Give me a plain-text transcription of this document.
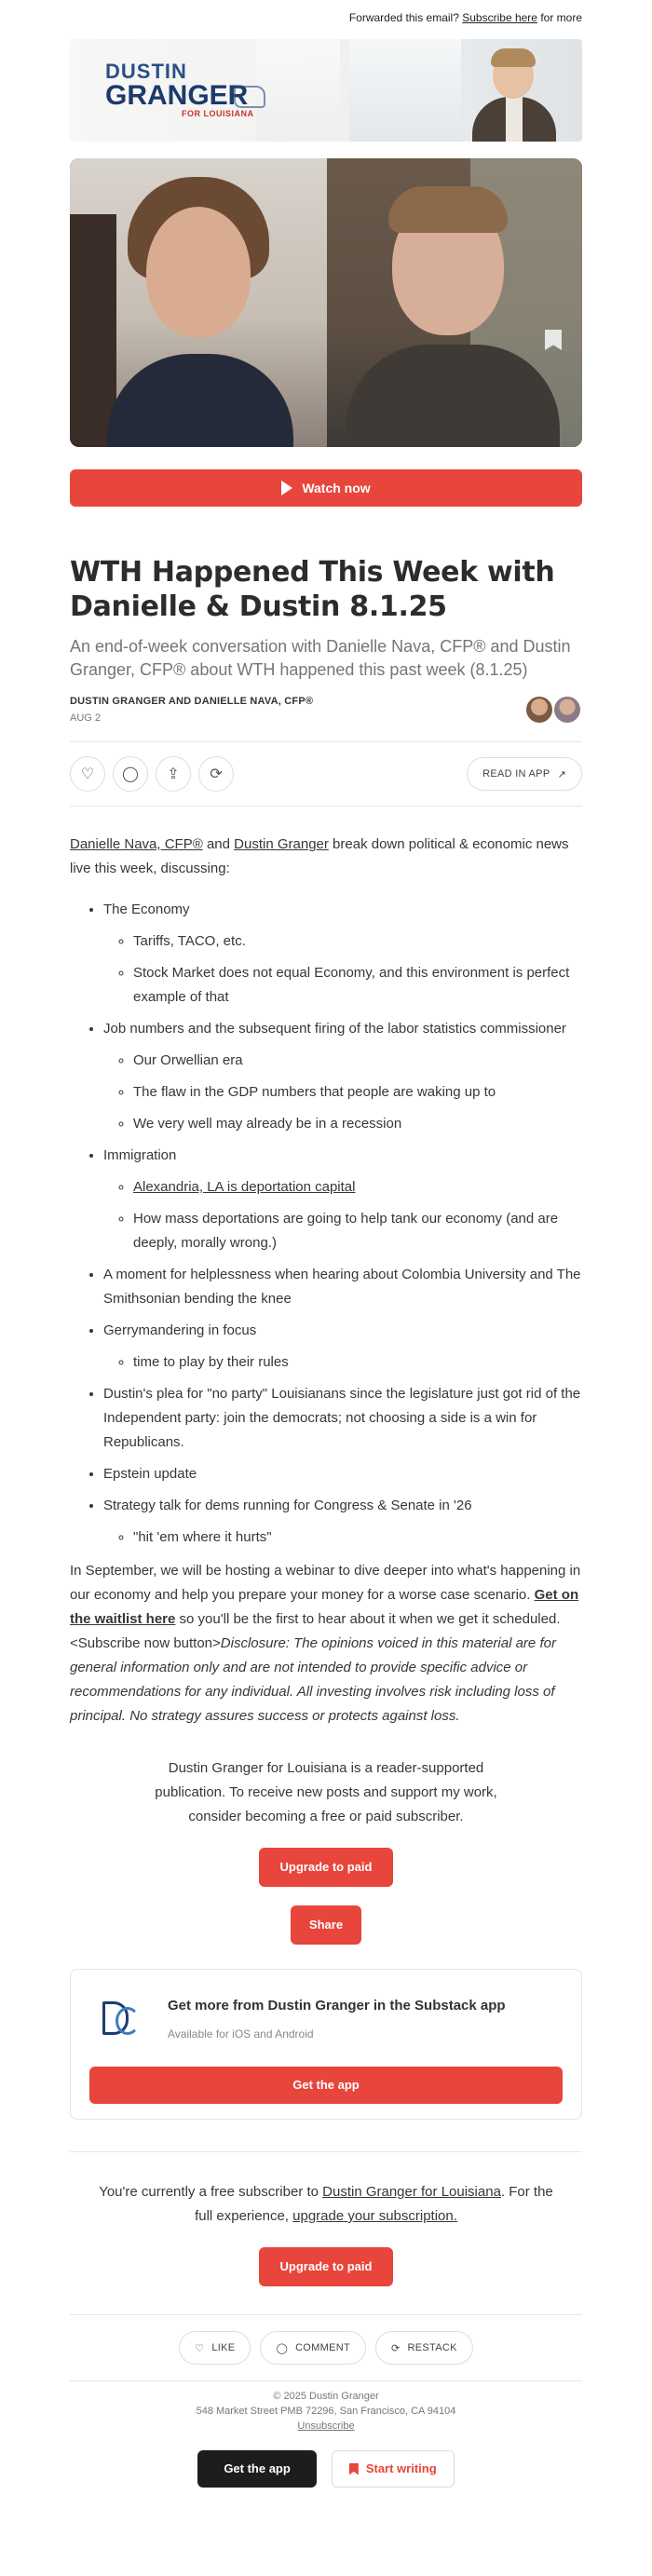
Forwarded this email? Subscribe here for more
DUSTIN
GRANGER
FOR LOUISIANA
Watch now
WTH Happened This Week with Danielle & Dustin 8.1.25
An end-of-week conversation with Danielle Nava, CFP® and Dustin Granger, CFP® about WTH happened this past week (8.1.25)
DUSTIN GRANGER AND DANIELLE NAVA, CFP®
AUG 2
♡ ◯ ⇪ ⟳	READ IN APP ↗

Danielle Nava, CFP® and Dustin Granger break down political & economic news live this week, discussing:

• The Economy
◦ Tariffs, TACO, etc.
◦ Stock Market does not equal Economy, and this environment is perfect example of that
• Job numbers and the subsequent firing of the labor statistics commissioner
◦ Our Orwellian era
◦ The flaw in the GDP numbers that people are waking up to
◦ We very well may already be in a recession
• Immigration
◦ Alexandria, LA is deportation capital
◦ How mass deportations are going to help tank our economy (and are deeply, morally wrong.)
• A moment for helplessness when hearing about Colombia University and The Smithsonian bending the knee
• Gerrymandering in focus
◦ time to play by their rules
• Dustin's plea for "no party" Louisianans since the legislature just got rid of the Independent party: join the democrats; not choosing a side is a win for Republicans.
• Epstein update
• Strategy talk for dems running for Congress & Senate in '26
◦ "hit 'em where it hurts"

In September, we will be hosting a webinar to dive deeper into what's happening in our economy and help you prepare your money for a worse case scenario. Get on the waitlist here so you'll be the first to hear about it when we get it scheduled.<Subscribe now button>Disclosure: The opinions voiced in this material are for general information only and are not intended to provide specific advice or recommendations for any individual. All investing involves risk including loss of principal. No strategy assures success or protects against loss.

Dustin Granger for Louisiana is a reader-supported publication. To receive new posts and support my work, consider becoming a free or paid subscriber.
Upgrade to paid
Share
Get more from Dustin Granger in the Substack app
Available for iOS and Android
Get the app

You're currently a free subscriber to Dustin Granger for Louisiana. For the full experience, upgrade your subscription.

Upgrade to paid
♡ LIKE	◯ COMMENT	⟳ RESTACK
© 2025 Dustin Granger
548 Market Street PMB 72296, San Francisco, CA 94104
Unsubscribe
Get the app	Start writing
